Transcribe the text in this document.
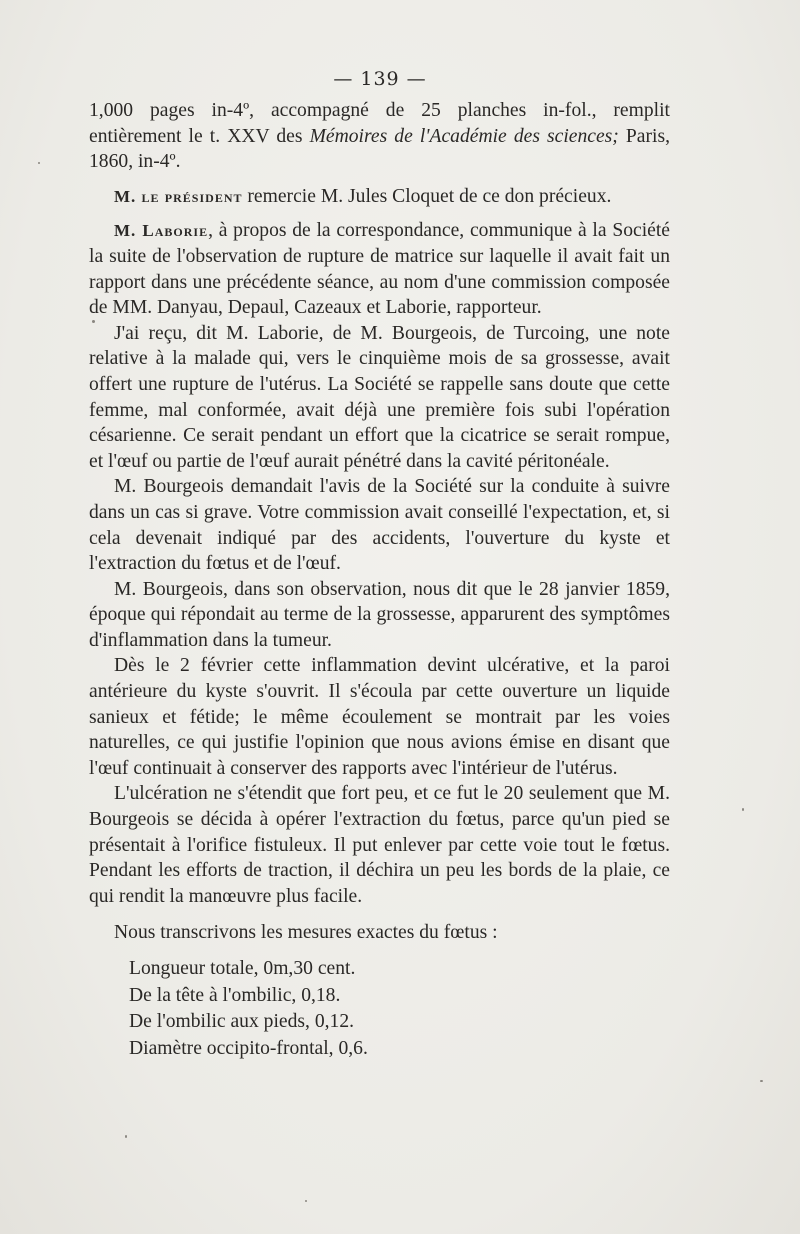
— 139 —

1,000 pages in-4º, accompagné de 25 planches in-fol., remplit entièrement le t. XXV des Mémoires de l'Académie des sciences; Paris, 1860, in-4º.

M. le président remercie M. Jules Cloquet de ce don précieux.

M. Laborie, à propos de la correspondance, communique à la Société la suite de l'observation de rupture de matrice sur laquelle il avait fait un rapport dans une précédente séance, au nom d'une commission composée de MM. Danyau, Depaul, Cazeaux et Laborie, rapporteur.

J'ai reçu, dit M. Laborie, de M. Bourgeois, de Turcoing, une note relative à la malade qui, vers le cinquième mois de sa grossesse, avait offert une rupture de l'utérus. La Société se rappelle sans doute que cette femme, mal conformée, avait déjà une première fois subi l'opération césarienne. Ce serait pendant un effort que la cicatrice se serait rompue, et l'œuf ou partie de l'œuf aurait pénétré dans la cavité péritonéale.

M. Bourgeois demandait l'avis de la Société sur la conduite à suivre dans un cas si grave. Votre commission avait conseillé l'expectation, et, si cela devenait indiqué par des accidents, l'ouverture du kyste et l'extraction du fœtus et de l'œuf.

M. Bourgeois, dans son observation, nous dit que le 28 janvier 1859, époque qui répondait au terme de la grossesse, apparurent des symptômes d'inflammation dans la tumeur.

Dès le 2 février cette inflammation devint ulcérative, et la paroi antérieure du kyste s'ouvrit. Il s'écoula par cette ouverture un liquide sanieux et fétide; le même écoulement se montrait par les voies naturelles, ce qui justifie l'opinion que nous avions émise en disant que l'œuf continuait à conserver des rapports avec l'intérieur de l'utérus.

L'ulcération ne s'étendit que fort peu, et ce fut le 20 seulement que M. Bourgeois se décida à opérer l'extraction du fœtus, parce qu'un pied se présentait à l'orifice fistuleux. Il put enlever par cette voie tout le fœtus. Pendant les efforts de traction, il déchira un peu les bords de la plaie, ce qui rendit la manœuvre plus facile.

Nous transcrivons les mesures exactes du fœtus :

Longueur totale, 0m,30 cent.
De la tête à l'ombilic, 0,18.
De l'ombilic aux pieds, 0,12.
Diamètre occipito-frontal, 0,6.
